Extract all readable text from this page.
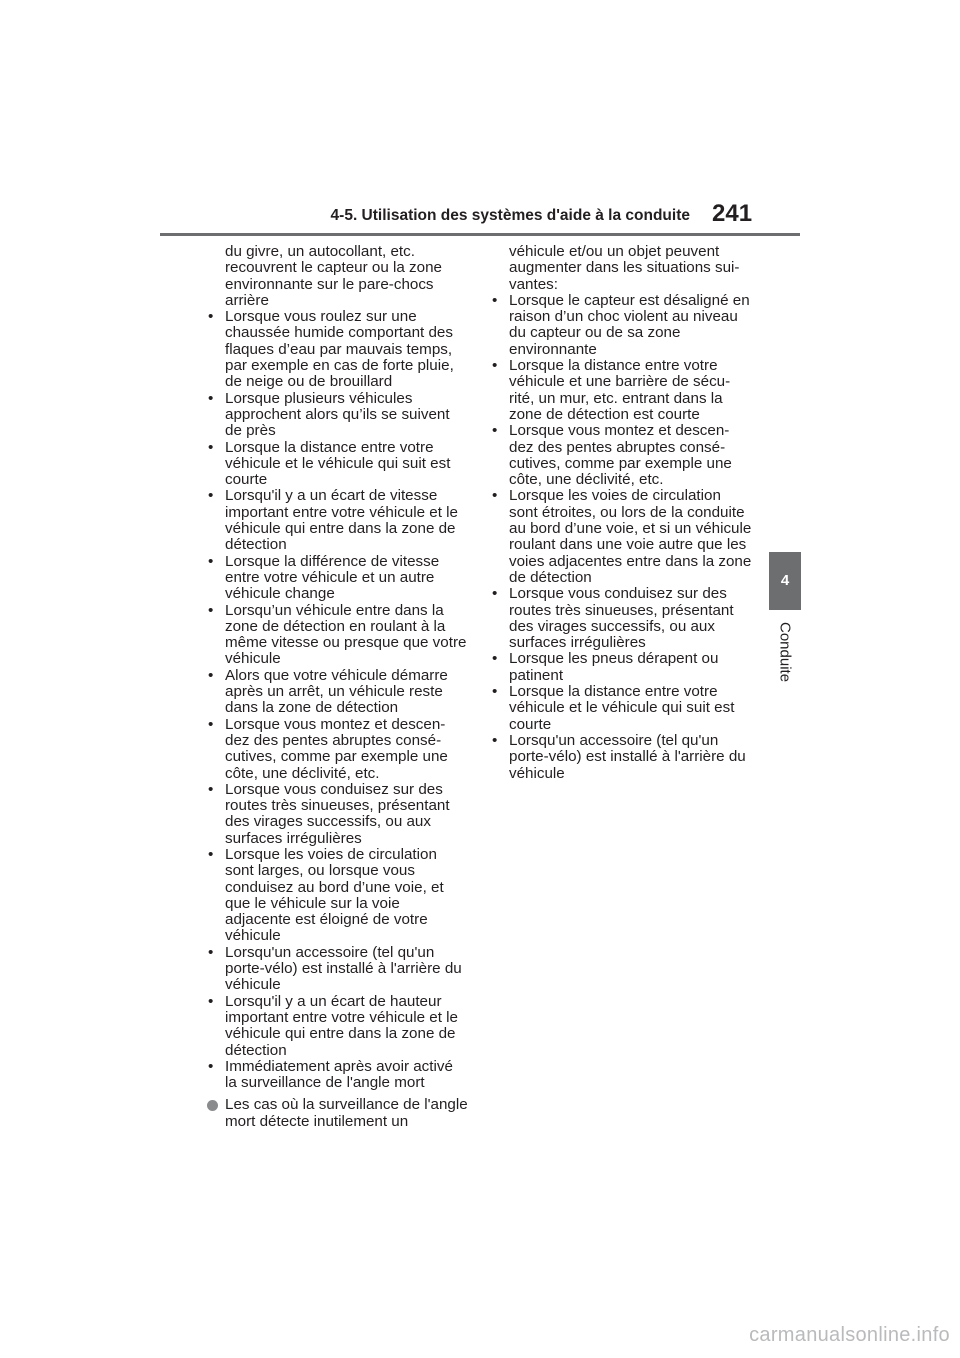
4-5. Utilisation des systèmes d'aide à la conduite 241
du givre, un autocollant, etc. recouvrent le capteur ou la zone environnante sur le pare-chocs arrière
• Lorsque vous roulez sur une chaussée humide comportant des flaques d’eau par mauvais temps, par exemple en cas de forte pluie, de neige ou de brouillard
• Lorsque plusieurs véhicules approchent alors qu’ils se suivent de près
• Lorsque la distance entre votre véhicule et le véhicule qui suit est courte
• Lorsqu'il y a un écart de vitesse important entre votre véhicule et le véhicule qui entre dans la zone de détection
• Lorsque la différence de vitesse entre votre véhicule et un autre véhicule change
• Lorsqu’un véhicule entre dans la zone de détection en roulant à la même vitesse ou presque que votre véhicule
• Alors que votre véhicule démarre après un arrêt, un véhicule reste dans la zone de détection
• Lorsque vous montez et descen-dez des pentes abruptes consé-cutives, comme par exemple une côte, une déclivité, etc.
• Lorsque vous conduisez sur des routes très sinueuses, présentant des virages successifs, ou aux surfaces irrégulières
• Lorsque les voies de circulation sont larges, ou lorsque vous conduisez au bord d’une voie, et que le véhicule sur la voie adjacente est éloigné de votre véhicule
• Lorsqu'un accessoire (tel qu'un porte-vélo) est installé à l'arrière du véhicule
• Lorsqu'il y a un écart de hauteur important entre votre véhicule et le véhicule qui entre dans la zone de détection
• Immédiatement après avoir activé la surveillance de l'angle mort
Les cas où la surveillance de l'angle mort détecte inutilement un
véhicule et/ou un objet peuvent augmenter dans les situations sui-vantes:
• Lorsque le capteur est désaligné en raison d’un choc violent au niveau du capteur ou de sa zone environnante
• Lorsque la distance entre votre véhicule et une barrière de sécu-rité, un mur, etc. entrant dans la zone de détection est courte
• Lorsque vous montez et descen-dez des pentes abruptes consé-cutives, comme par exemple une côte, une déclivité, etc.
• Lorsque les voies de circulation sont étroites, ou lors de la conduite au bord d’une voie, et si un véhicule roulant dans une voie autre que les voies adjacentes entre dans la zone de détection
• Lorsque vous conduisez sur des routes très sinueuses, présentant des virages successifs, ou aux surfaces irrégulières
• Lorsque les pneus dérapent ou patinent
• Lorsque la distance entre votre véhicule et le véhicule qui suit est courte
• Lorsqu'un accessoire (tel qu'un porte-vélo) est installé à l'arrière du véhicule
4
Conduite
carmanualsonline.info
